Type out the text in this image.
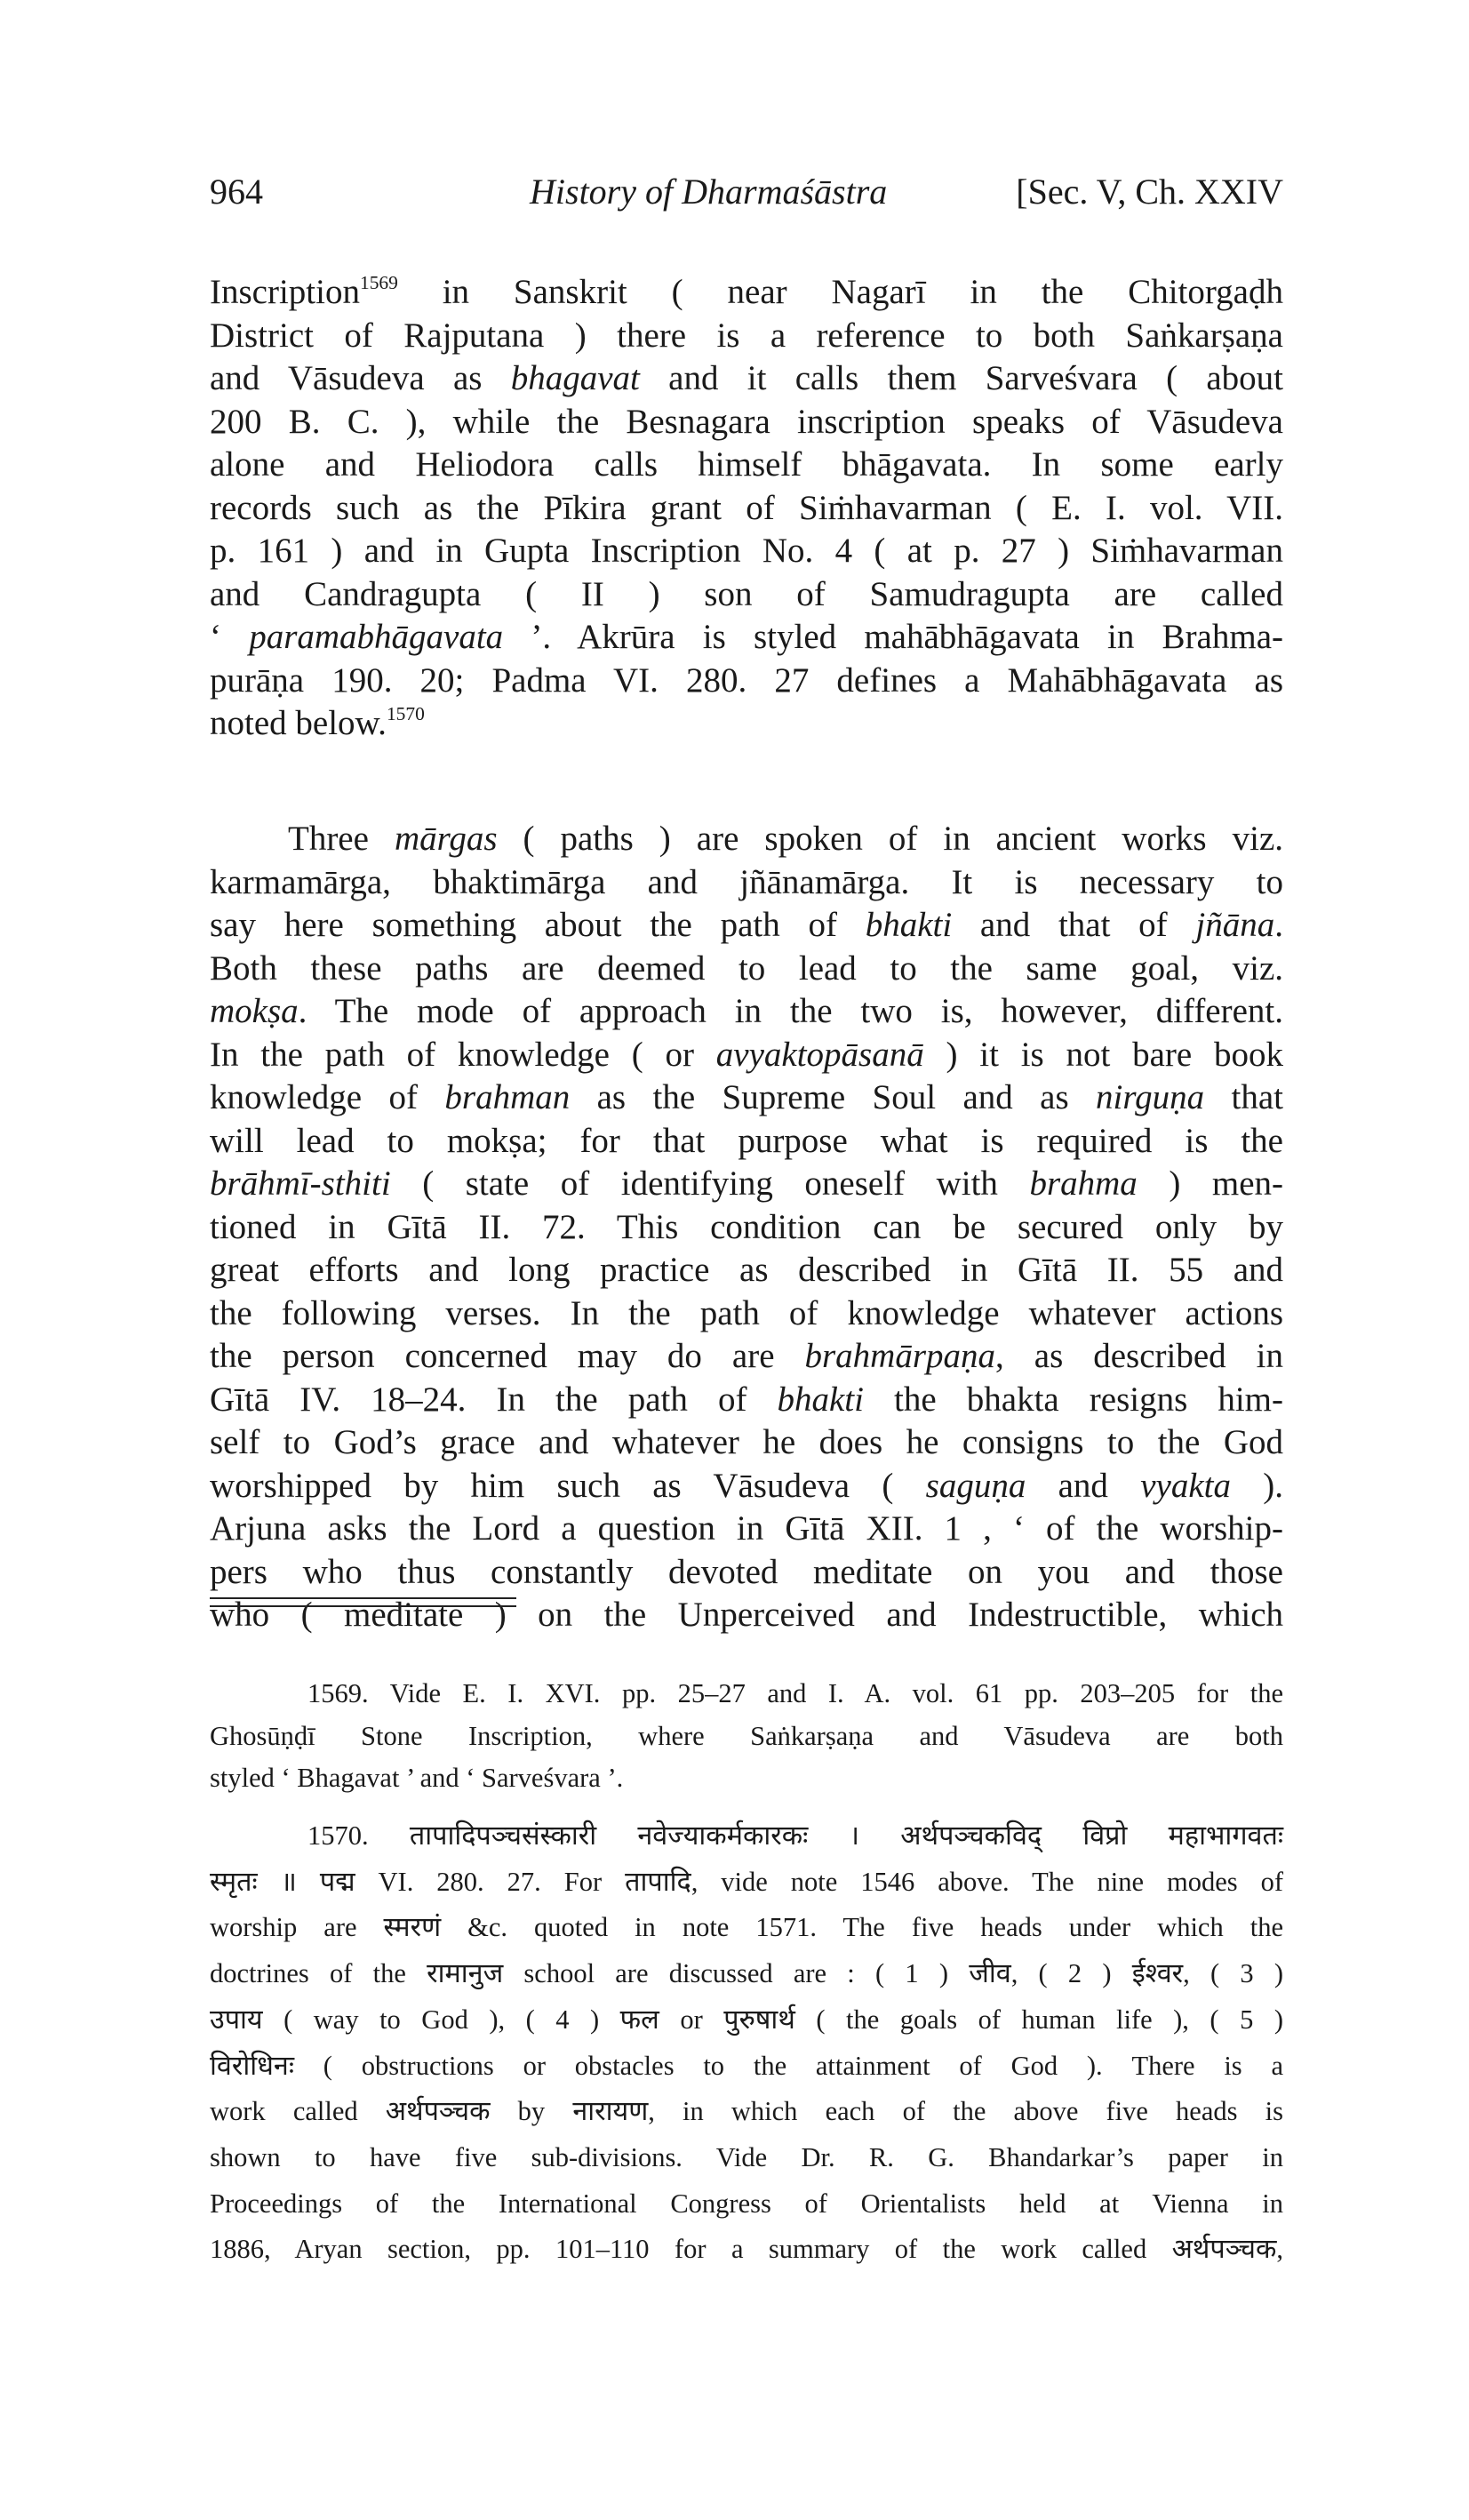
964	History of Dharmaśāstra	[Sec. V, Ch. XXIV
Inscription$^{1569}$ in Sanskrit ( near Nagarī in the Chitorgaḍh
District of Rajputana ) there is a reference to both Saṅkarṣaṇa
and Vāsudeva as bhagavat and it calls them Sarveśvara ( about
200 B. C. ), while the Besnagara inscription speaks of Vāsudeva
alone and Heliodora calls himself bhāgavata. In some early
records such as the Pīkira grant of Siṁhavarman ( E. I. vol. VII.
p. 161 ) and in Gupta Inscription No. 4 ( at p. 27 ) Siṁhavarman
and Candragupta ( II ) son of Samudragupta are called
‘ paramabhāgavata ’. Akrūra is styled mahābhāgavata in Brahma-
purāṇa 190. 20; Padma VI. 280. 27 defines a Mahābhāgavata as
noted below.$^{1570}$
Three mārgas ( paths ) are spoken of in ancient works viz.
karmamārga, bhaktimārga and jñānamārga. It is necessary to
say here something about the path of bhakti and that of jñāna.
Both these paths are deemed to lead to the same goal, viz.
mokṣa. The mode of approach in the two is, however, different.
In the path of knowledge ( or avyaktopāsanā ) it is not bare book
knowledge of brahman as the Supreme Soul and as nirguṇa that
will lead to mokṣa; for that purpose what is required is the
brāhmī-sthiti ( state of identifying oneself with brahma ) men-
tioned in Gītā II. 72. This condition can be secured only by
great efforts and long practice as described in Gītā II. 55 and
the following verses. In the path of knowledge whatever actions
the person concerned may do are brahmārpaṇa, as described in
Gītā IV. 18–24. In the path of bhakti the bhakta resigns him-
self to God’s grace and whatever he does he consigns to the God
worshipped by him such as Vāsudeva ( saguṇa and vyakta ).
Arjuna asks the Lord a question in Gītā XII. 1 , ‘ of the worship-
pers who thus constantly devoted meditate on you and those
who ( meditate ) on the Unperceived and Indestructible, which
1569. Vide E. I. XVI. pp. 25–27 and I. A. vol. 61 pp. 203–205 for the
Ghosūṇḍī Stone Inscription, where Saṅkarṣaṇa and Vāsudeva are both
styled ‘ Bhagavat ’ and ‘ Sarveśvara ’.
1570. तापादिपञ्चसंस्कारी नवेज्याकर्मकारकः । अर्थपञ्चकविद् विप्रो महाभागवतः
स्मृतः ॥ पद्म VI. 280. 27. For तापादि, vide note 1546 above. The nine modes of
worship are स्मरणं &c. quoted in note 1571. The five heads under which the
doctrines of the रामानुज school are discussed are : ( 1 ) जीव, ( 2 ) ईश्वर, ( 3 )
उपाय ( way to God ), ( 4 ) फल or पुरुषार्थ ( the goals of human life ), ( 5 )
विरोधिनः ( obstructions or obstacles to the attainment of God ). There is a
work called अर्थपञ्चक by नारायण, in which each of the above five heads is
shown to have five sub-divisions. Vide Dr. R. G. Bhandarkar’s paper in
Proceedings of the International Congress of Orientalists held at Vienna in
1886, Aryan section, pp. 101–110 for a summary of the work called अर्थपञ्चक,
